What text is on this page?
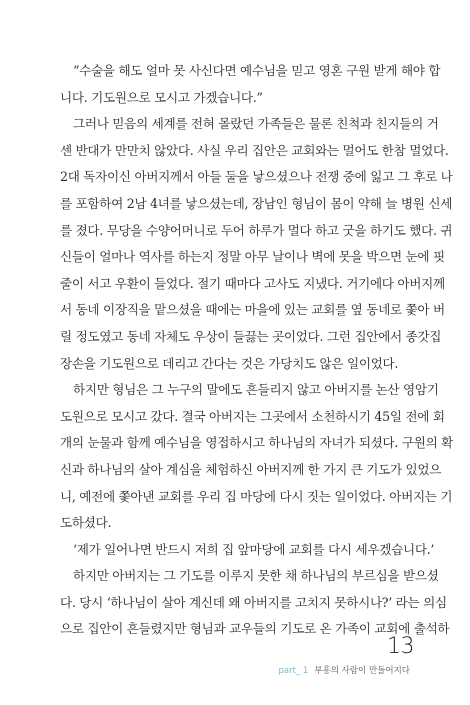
“수술을 해도 얼마 못 사신다면 예수님을 믿고 영혼 구원 받게 해야 합
니다. 기도원으로 모시고 가겠습니다.”
그러나 믿음의 세계를 전혀 몰랐던 가족들은 물론 친척과 친지들의 거
센 반대가 만만치 않았다. 사실 우리 집안은 교회와는 멀어도 한참 멀었다.
2대 독자이신 아버지께서 아들 둘을 낳으셨으나 전쟁 중에 잃고 그 후로 나
를 포함하여 2남 4녀를 낳으셨는데, 장남인 형님이 몸이 약해 늘 병원 신세
를 졌다. 무당을 수양어머니로 두어 하루가 멀다 하고 굿을 하기도 했다. 귀
신들이 얼마나 역사를 하는지 정말 아무 날이나 벽에 못을 박으면 눈에 핏
줄이 서고 우환이 들었다. 절기 때마다 고사도 지냈다. 거기에다 아버지께
서 동네 이장직을 맡으셨을 때에는 마을에 있는 교회를 옆 동네로 쫓아 버
릴 정도였고 동네 자체도 우상이 들끓는 곳이었다. 그런 집안에서 종갓집
장손을 기도원으로 데리고 간다는 것은 가당치도 않은 일이었다.
하지만 형님은 그 누구의 말에도 흔들리지 않고 아버지를 논산 영암기
도원으로 모시고 갔다. 결국 아버지는 그곳에서 소천하시기 45일 전에 회
개의 눈물과 함께 예수님을 영접하시고 하나님의 자녀가 되셨다. 구원의 확
신과 하나님의 살아 계심을 체험하신 아버지께 한 가지 큰 기도가 있었으
니, 예전에 쫓아낸 교회를 우리 집 마당에 다시 짓는 일이었다. 아버지는 기
도하셨다.
‘제가 일어나면 반드시 저희 집 앞마당에 교회를 다시 세우겠습니다.’
하지만 아버지는 그 기도를 이루지 못한 채 하나님의 부르심을 받으셨
다. 당시 ‘하나님이 살아 계신데 왜 아버지를 고치지 못하시나?’ 라는 의심
으로 집안이 흔들렸지만 형님과 교우들의 기도로 온 가족이 교회에 출석하
13
part_ 1 부흥의 사람이 만들어지다
